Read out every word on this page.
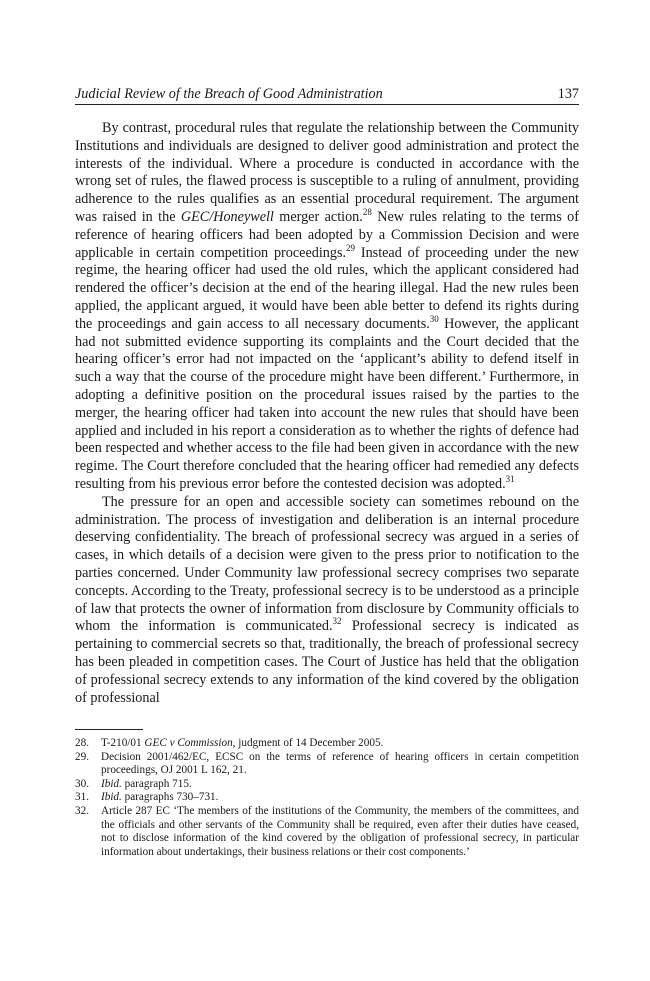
Judicial Review of the Breach of Good Administration	137

By contrast, procedural rules that regulate the relationship between the Community Institutions and individuals are designed to deliver good administration and protect the interests of the individual. Where a procedure is conducted in accordance with the wrong set of rules, the flawed process is susceptible to a ruling of annulment, providing adherence to the rules qualifies as an essential procedural requirement. The argument was raised in the GEC/Honeywell merger action.$^{28}$ New rules relating to the terms of reference of hearing officers had been adopted by a Commission Decision and were applicable in certain competition proceedings.$^{29}$ Instead of proceeding under the new regime, the hearing officer had used the old rules, which the applicant considered had rendered the officer’s decision at the end of the hearing illegal. Had the new rules been applied, the applicant argued, it would have been able better to defend its rights during the proceedings and gain access to all necessary documents.$^{30}$ However, the applicant had not submitted evidence supporting its complaints and the Court decided that the hearing officer’s error had not impacted on the ‘applicant’s ability to defend itself in such a way that the course of the procedure might have been different.’ Furthermore, in adopting a definitive position on the procedural issues raised by the parties to the merger, the hearing officer had taken into account the new rules that should have been applied and included in his report a consideration as to whether the rights of defence had been respected and whether access to the file had been given in accordance with the new regime. The Court therefore concluded that the hearing officer had remedied any defects resulting from his previous error before the contested decision was adopted.$^{31}$

The pressure for an open and accessible society can sometimes rebound on the administration. The process of investigation and deliberation is an internal procedure deserving confidentiality. The breach of professional secrecy was argued in a series of cases, in which details of a decision were given to the press prior to notification to the parties concerned. Under Community law professional secrecy comprises two separate concepts. According to the Treaty, professional secrecy is to be understood as a principle of law that protects the owner of information from disclosure by Community officials to whom the information is communicated.$^{32}$ Professional secrecy is indicated as pertaining to commercial secrets so that, traditionally, the breach of professional secrecy has been pleaded in competition cases. The Court of Justice has held that the obligation of professional secrecy extends to any information of the kind covered by the obligation of professional

28.	T-210/01 GEC v Commission, judgment of 14 December 2005.
29.	Decision 2001/462/EC, ECSC on the terms of reference of hearing officers in certain competition proceedings, OJ 2001 L 162, 21.
30.	Ibid. paragraph 715.
31.	Ibid. paragraphs 730–731.
32.	Article 287 EC ‘The members of the institutions of the Community, the members of the committees, and the officials and other servants of the Community shall be required, even after their duties have ceased, not to disclose information of the kind covered by the obligation of professional secrecy, in particular information about undertakings, their business relations or their cost components.’
